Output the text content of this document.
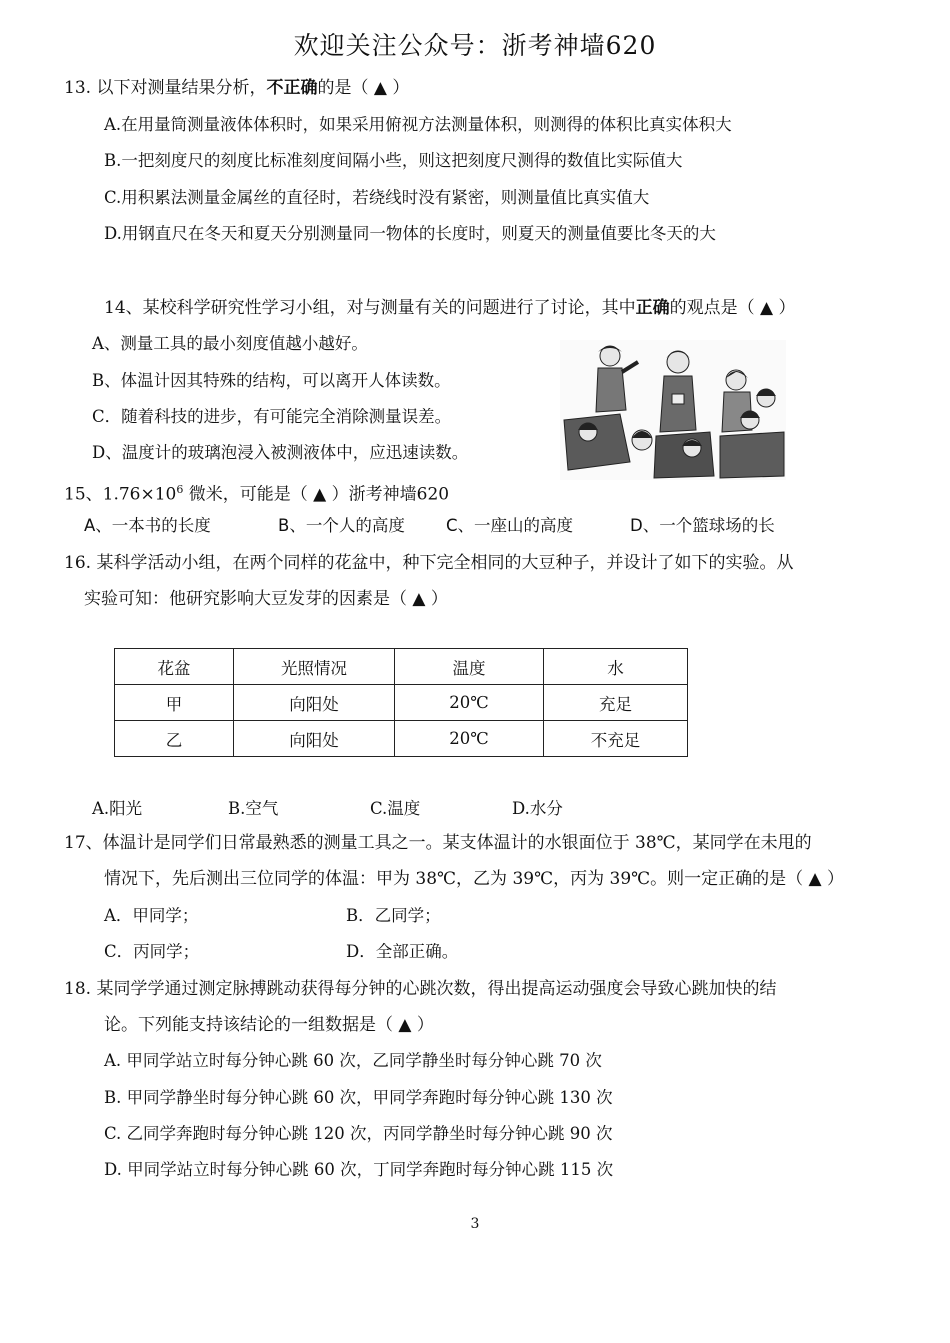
欢迎关注公众号：浙考神墙620
13. 以下对测量结果分析，不正确的是（ ▲ ）
A.在用量筒测量液体体积时，如果采用俯视方法测量体积，则测得的体积比真实体积大
B.一把刻度尺的刻度比标准刻度间隔小些，则这把刻度尺测得的数值比实际值大
C.用积累法测量金属丝的直径时，若绕线时没有紧密，则测量值比真实值大
D.用钢直尺在冬天和夏天分别测量同一物体的长度时，则夏天的测量值要比冬天的大
14、某校科学研究性学习小组，对与测量有关的问题进行了讨论，其中正确的观点是（ ▲ ）
A、测量工具的最小刻度值越小越好。
B、体温计因其特殊的结构，可以离开人体读数。
C．随着科技的进步，有可能完全消除测量误差。
D、温度计的玻璃泡浸入被测液体中，应迅速读数。
15、$1.76\times 10^6$ 微米，可能是（ ▲ ）浙考神墙620
A、一本书的长度	B、一个人的高度 C、一座山的高度	D、一个篮球场的长
16. 某科学活动小组，在两个同样的花盆中，种下完全相同的大豆种子，并设计了如下的实验。从
实验可知：他研究影响大豆发芽的因素是（ ▲ ）
花盆	光照情况	温度	水
甲	向阳处	20℃	充足
乙	向阳处	20℃	不充足
A.阳光	B.空气	C.温度	D.水分
17、体温计是同学们日常最熟悉的测量工具之一。某支体温计的水银面位于 38℃，某同学在未甩的
情况下，先后测出三位同学的体温：甲为 38℃，乙为 39℃，丙为 39℃。则一定正确的是（ ▲ ）
A．甲同学；	B．乙同学；
C．丙同学；	D．全部正确。
18. 某同学学通过测定脉搏跳动获得每分钟的心跳次数，得出提高运动强度会导致心跳加快的结
论。下列能支持该结论的一组数据是（ ▲ ）
A. 甲同学站立时每分钟心跳 60 次，乙同学静坐时每分钟心跳 70 次
B. 甲同学静坐时每分钟心跳 60 次，甲同学奔跑时每分钟心跳 130 次
C. 乙同学奔跑时每分钟心跳 120 次，丙同学静坐时每分钟心跳 90 次
D. 甲同学站立时每分钟心跳 60 次，丁同学奔跑时每分钟心跳 115 次
3
